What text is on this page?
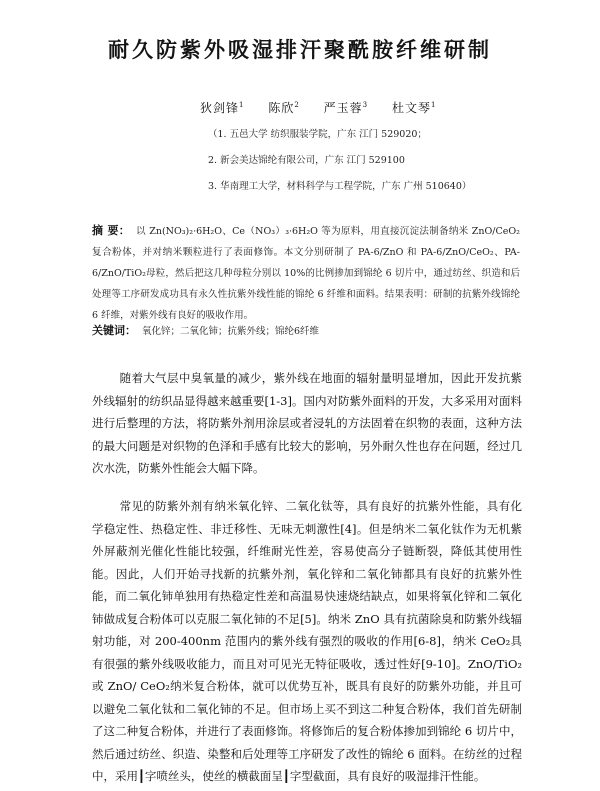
耐久防紫外吸湿排汗聚酰胺纤维研制
狄剑锋$^1$ 陈欣$^2$ 严玉蓉$^3$ 杜文琴$^1$
（1. 五邑大学 纺织服装学院，广东 江门 529020；
2. 新会美达锦纶有限公司，广东 江门 529100
3. 华南理工大学，材料科学与工程学院，广东 广州 510640）
摘 要： 以 Zn(NO₃)₂·6H₂O、Ce（NO₃）₃·6H₂O 等为原料，用直接沉淀法制备纳米 ZnO/CeO₂复合粉体，并对纳米颗粒进行了表面修饰。本文分别研制了 PA-6/ZnO 和 PA-6/ZnO/CeO₂、PA-6/ZnO/TiO₂母粒，然后把这几种母粒分别以 10%的比例掺加到锦纶 6 切片中，通过纺丝、织造和后处理等工序研发成功具有永久性抗紫外线性能的锦纶 6 纤维和面料。结果表明：研制的抗紫外线锦纶 6 纤维，对紫外线有良好的吸收作用。
关键词： 氧化锌；二氧化铈；抗紫外线；锦纶6纤维
随着大气层中臭氧量的减少，紫外线在地面的辐射量明显增加，因此开发抗紫外线辐射的纺织品显得越来越重要[1-3]。国内对防紫外面料的开发，大多采用对面料进行后整理的方法，将防紫外剂用涂层或者浸轧的方法固着在织物的表面，这种方法的最大问题是对织物的色泽和手感有比较大的影响，另外耐久性也存在问题，经过几次水洗，防紫外性能会大幅下降。
常见的防紫外剂有纳米氧化锌、二氧化钛等，具有良好的抗紫外性能，具有化学稳定性、热稳定性、非迁移性、无味无刺激性[4]。但是纳米二氧化钛作为无机紫外屏蔽剂光催化性能比较强，纤维耐光性差，容易使高分子链断裂，降低其使用性能。因此，人们开始寻找新的抗紫外剂，氧化锌和二氧化铈都具有良好的抗紫外性能，而二氧化铈单独用有热稳定性差和高温易快速烧结缺点，如果将氧化锌和二氧化铈做成复合粉体可以克服二氧化铈的不足[5]。纳米 ZnO 具有抗菌除臭和防紫外线辐射功能，对 200-400nm 范围内的紫外线有强烈的吸收的作用[6-8]，纳米 CeO₂具有很强的紫外线吸收能力，而且对可见光无特征吸收，透过性好[9-10]。ZnO/TiO₂或 ZnO/ CeO₂纳米复合粉体，就可以优势互补，既具有良好的防紫外功能，并且可以避免二氧化钛和二氧化铈的不足。但市场上买不到这二种复合粉体，我们首先研制了这二种复合粉体，并进行了表面修饰。将修饰后的复合粉体掺加到锦纶 6 切片中，然后通过纺丝、织造、染整和后处理等工序研发了改性的锦纶 6 面料。在纺丝的过程中，采用┃字喷丝头，使丝的横截面呈┃字型截面，具有良好的吸湿排汗性能。
